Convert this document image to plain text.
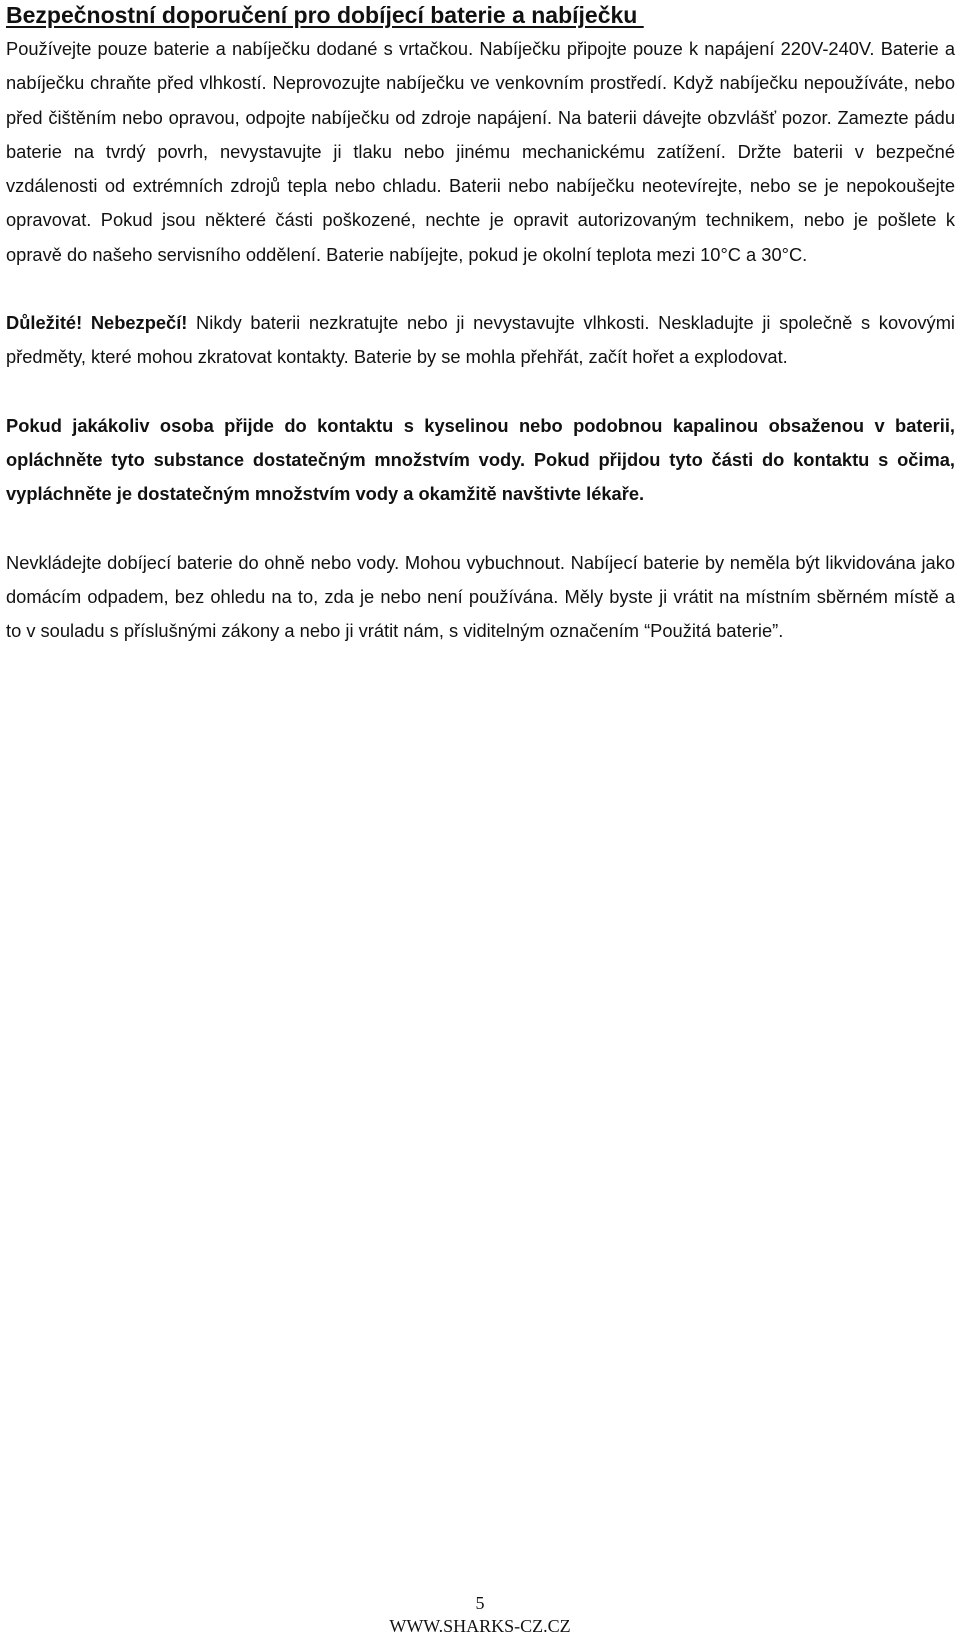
Bezpečnostní doporučení pro dobíjecí baterie a nabíječku

Používejte pouze baterie a nabíječku dodané s vrtačkou. Nabíječku připojte pouze k napájení 220V-240V. Baterie a nabíječku chraňte před vlhkostí. Neprovozujte nabíječku ve venkovním prostředí. Když nabíječku nepoužíváte, nebo před čištěním nebo opravou, odpojte nabíječku od zdroje napájení. Na baterii dávejte obzvlášť pozor. Zamezte pádu baterie na tvrdý povrh, nevystavujte ji tlaku nebo jinému mechanickému zatížení. Držte baterii v bezpečné vzdálenosti od extrémních zdrojů tepla nebo chladu. Baterii nebo nabíječku neotevírejte, nebo se je nepokoušejte opravovat. Pokud jsou některé části poškozené, nechte je opravit autorizovaným technikem, nebo je pošlete k opravě do našeho servisního oddělení. Baterie nabíjejte, pokud je okolní teplota mezi 10°C a 30°C.

Důležité! Nebezpečí! Nikdy baterii nezkratujte nebo ji nevystavujte vlhkosti. Neskladujte ji společně s kovovými předměty, které mohou zkratovat kontakty. Baterie by se mohla přehřát, začít hořet a explodovat.

Pokud jakákoliv osoba přijde do kontaktu s kyselinou nebo podobnou kapalinou obsaženou v baterii, opláchněte tyto substance dostatečným množstvím vody. Pokud přijdou tyto části do kontaktu s očima, vypláchněte je dostatečným množstvím vody a okamžitě navštivte lékaře.

Nevkládejte dobíjecí baterie do ohně nebo vody. Mohou vybuchnout. Nabíjecí baterie by neměla být likvidována jako domácím odpadem, bez ohledu na to, zda je nebo není používána. Měly byste ji vrátit na místním sběrném místě a to v souladu s příslušnými zákony a nebo ji vrátit nám, s viditelným označením “Použitá baterie”.

5
WWW.SHARKS-CZ.CZ
